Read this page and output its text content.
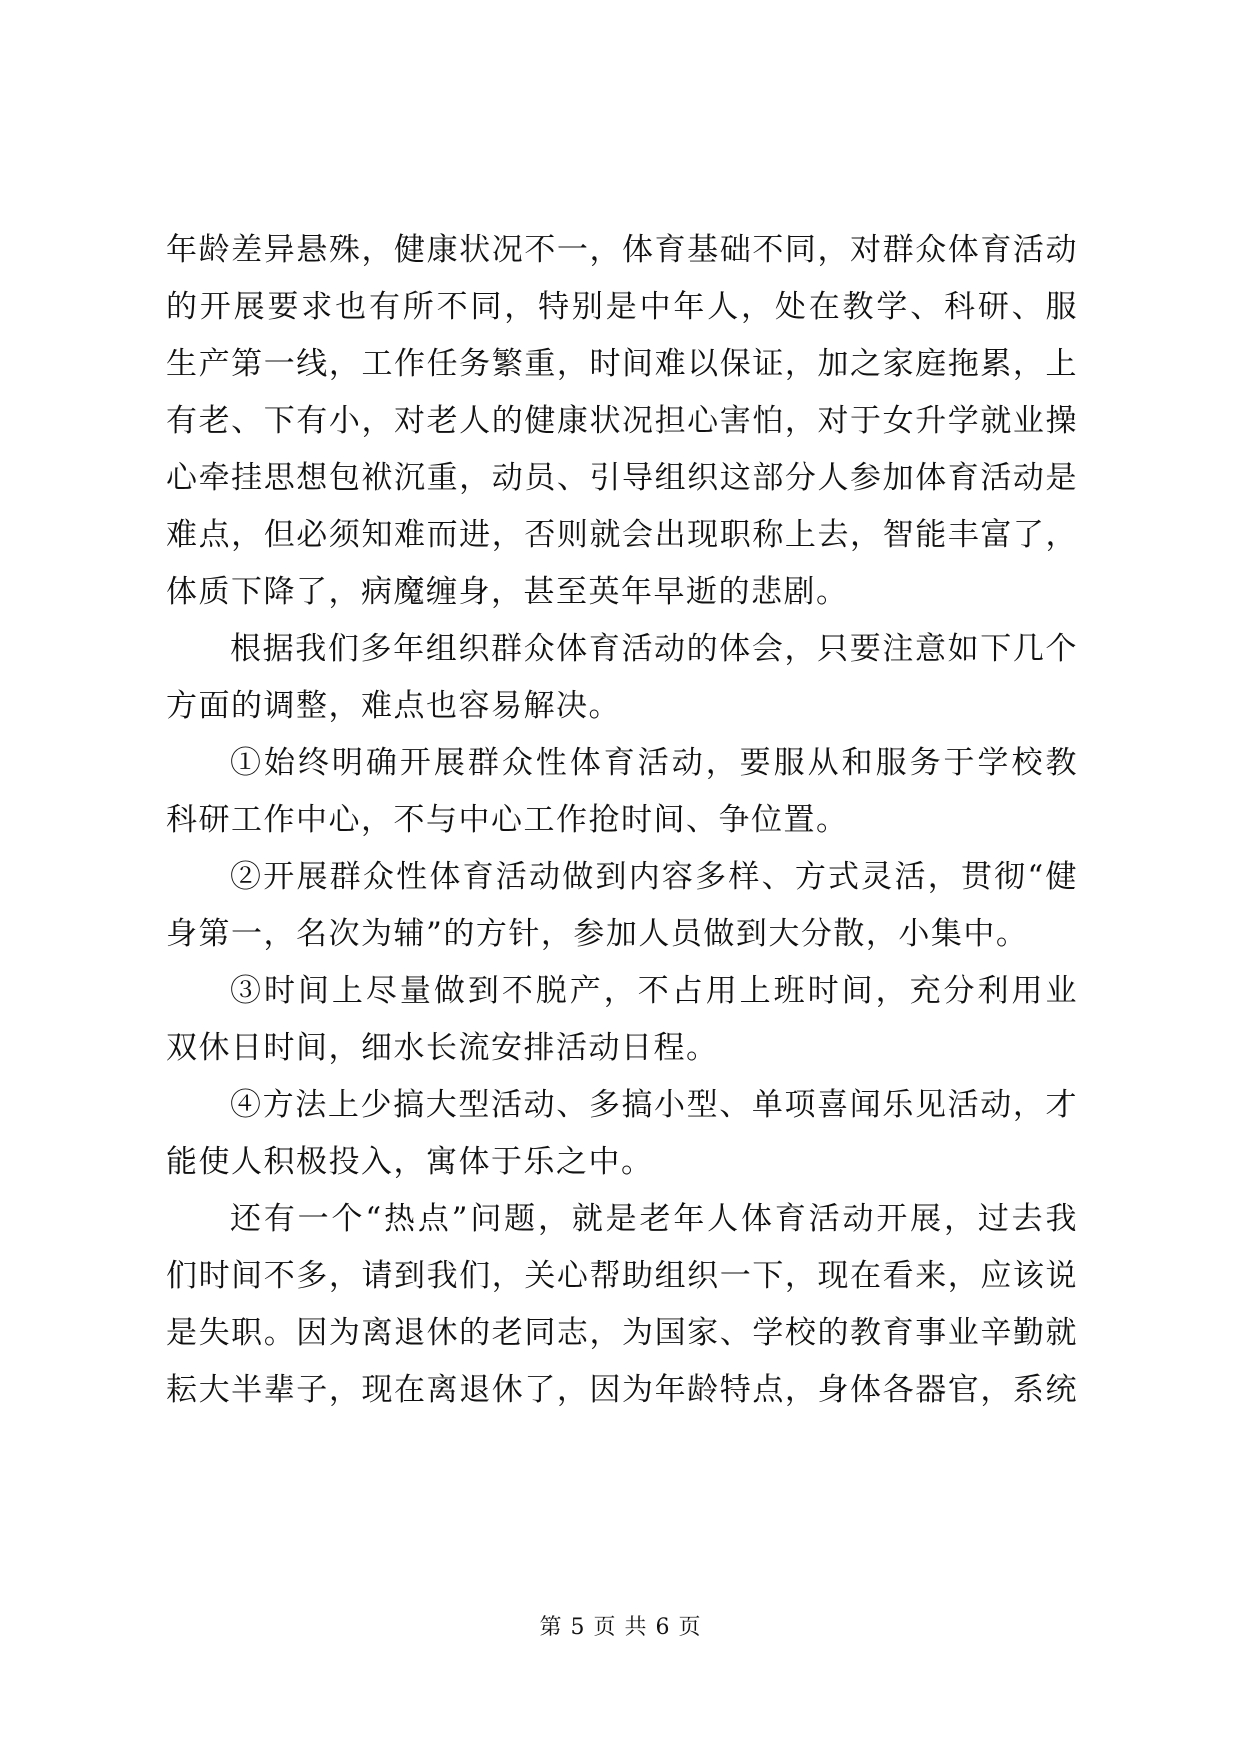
年龄差异悬殊，健康状况不一，体育基础不同，对群众体育活动
的开展要求也有所不同，特别是中年人，处在教学、科研、服
生产第一线，工作任务繁重，时间难以保证，加之家庭拖累，上
有老、下有小，对老人的健康状况担心害怕，对于女升学就业操
心牵挂思想包袱沉重，动员、引导组织这部分人参加体育活动是
难点，但必须知难而进，否则就会出现职称上去，智能丰富了，
体质下降了，病魔缠身，甚至英年早逝的悲剧。
根据我们多年组织群众体育活动的体会，只要注意如下几个
方面的调整，难点也容易解决。
①始终明确开展群众性体育活动，要服从和服务于学校教
科研工作中心，不与中心工作抢时间、争位置。
②开展群众性体育活动做到内容多样、方式灵活，贯彻“健
身第一，名次为辅”的方针，参加人员做到大分散，小集中。
③时间上尽量做到不脱产，不占用上班时间，充分利用业
双休日时间，细水长流安排活动日程。
④方法上少搞大型活动、多搞小型、单项喜闻乐见活动，才
能使人积极投入，寓体于乐之中。
还有一个“热点”问题，就是老年人体育活动开展，过去我
们时间不多，请到我们，关心帮助组织一下，现在看来，应该说
是失职。因为离退休的老同志，为国家、学校的教育事业辛勤就
耘大半辈子，现在离退休了，因为年龄特点，身体各器官，系统
第 5 页 共 6 页
